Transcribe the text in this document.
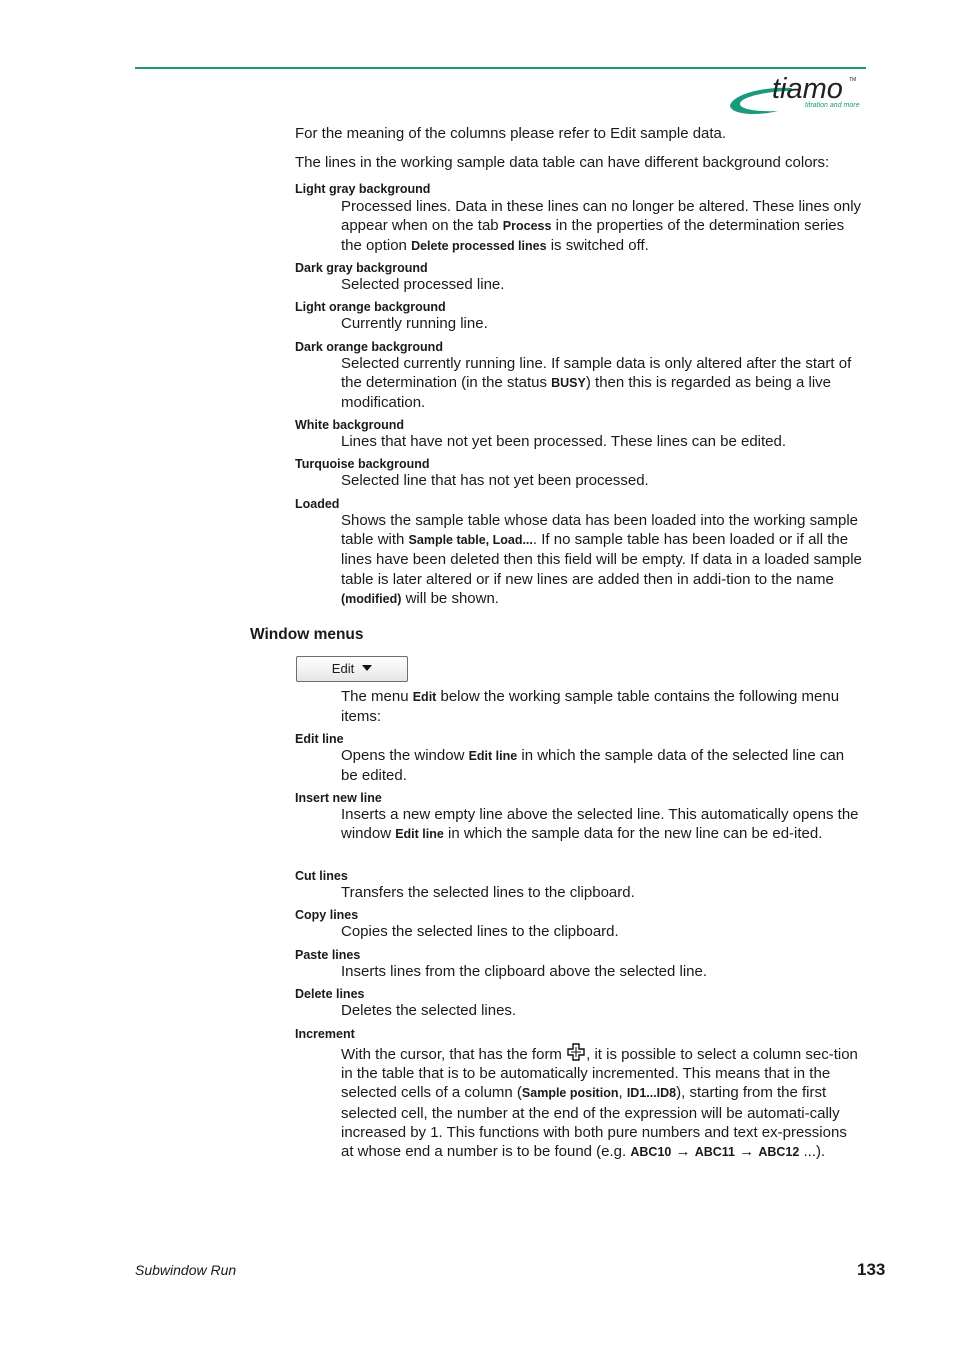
tiamo TM
titration and more
For the meaning of the columns please refer to Edit sample data.
The lines in the working sample data table can have different background colors:
Light gray background
Processed lines. Data in these lines can no longer be altered. These lines only appear when on the tab Process in the properties of the determination series the option Delete processed lines is switched off.
Dark gray background
Selected processed line.
Light orange background
Currently running line.
Dark orange background
Selected currently running line. If sample data is only altered after the start of the determination (in the status BUSY) then this is regarded as being a live modification.
White background
Lines that have not yet been processed. These lines can be edited.
Turquoise background
Selected line that has not yet been processed.
Loaded
Shows the sample table whose data has been loaded into the working sample table with Sample table, Load.... If no sample table has been loaded or if all the lines have been deleted then this field will be empty. If data in a loaded sample table is later altered or if new lines are added then in addi-tion to the name (modified) will be shown.
Window menus
Edit
The menu Edit below the working sample table contains the following menu items:
Edit line
Opens the window Edit line in which the sample data of the selected line can be edited.
Insert new line
Inserts a new empty line above the selected line. This automatically opens the window Edit line in which the sample data for the new line can be ed-ited.
Cut lines
Transfers the selected lines to the clipboard.
Copy lines
Copies the selected lines to the clipboard.
Paste lines
Inserts lines from the clipboard above the selected line.
Delete lines
Deletes the selected lines.
Increment
With the cursor, that has the form , it is possible to select a column sec-tion in the table that is to be automatically incremented. This means that in the selected cells of a column (Sample position, ID1...ID8), starting from the first selected cell, the number at the end of the expression will be automati-cally increased by 1. This functions with both pure numbers and text ex-pressions at whose end a number is to be found (e.g. ABC10 → ABC11 → ABC12 ...).
Subwindow Run	133
